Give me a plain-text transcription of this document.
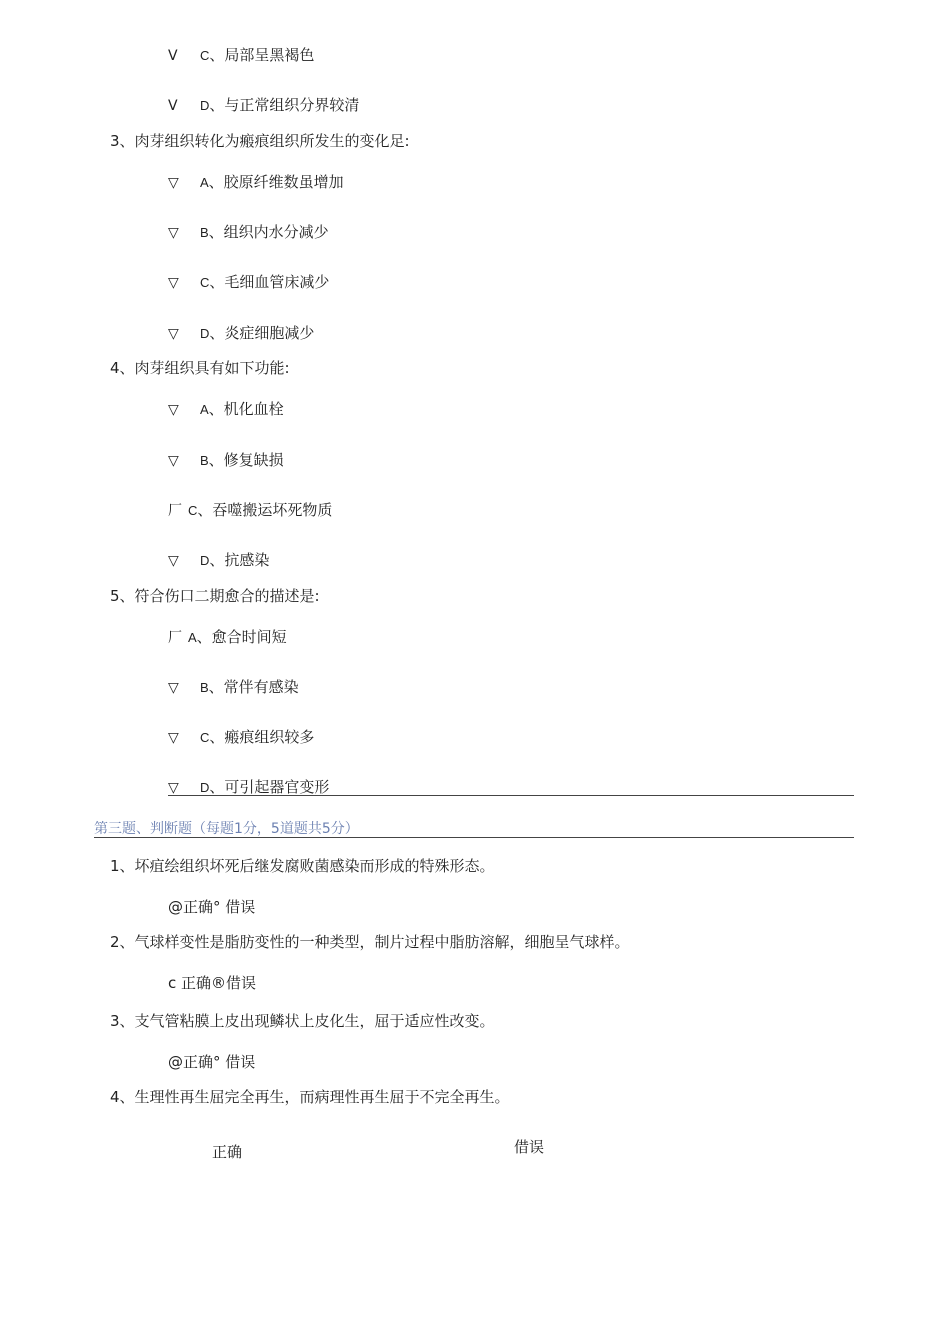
V C、局部呈黑褐色
V D、与正常组织分界较清
3、肉芽组织转化为瘢痕组织所发生的变化足:
▽ A、胶原纤维数虽增加
▽ B、组织内水分减少
▽ C、毛细血管床减少
▽ D、炎症细胞减少
4、肉芽组织具有如下功能:
▽ A、机化血栓
▽ B、修复缺损
厂 C、吞噬搬运坏死物质
▽ D、抗感染
5、符合伤口二期愈合的描述是:
厂 A、愈合时间短
▽ B、常伴有感染
▽ C、瘢痕组织较多
▽ D、可引起器官变形
第三题、判断题（每题1分，5道题共5分）
1、坏疽绘组织坏死后继发腐败菌感染而形成的特殊形态。
@正确° 借误
2、气球样变性是脂肪变性的一种类型，制片过程中脂肪溶解，细胞呈气球样。
c 正确®借误
3、支气管粘膜上皮出现鳞状上皮化生，屈于适应性改变。
@正确° 借误
4、生理性再生屈完全再生，而病理性再生屈于不完全再生。
正确	借误
